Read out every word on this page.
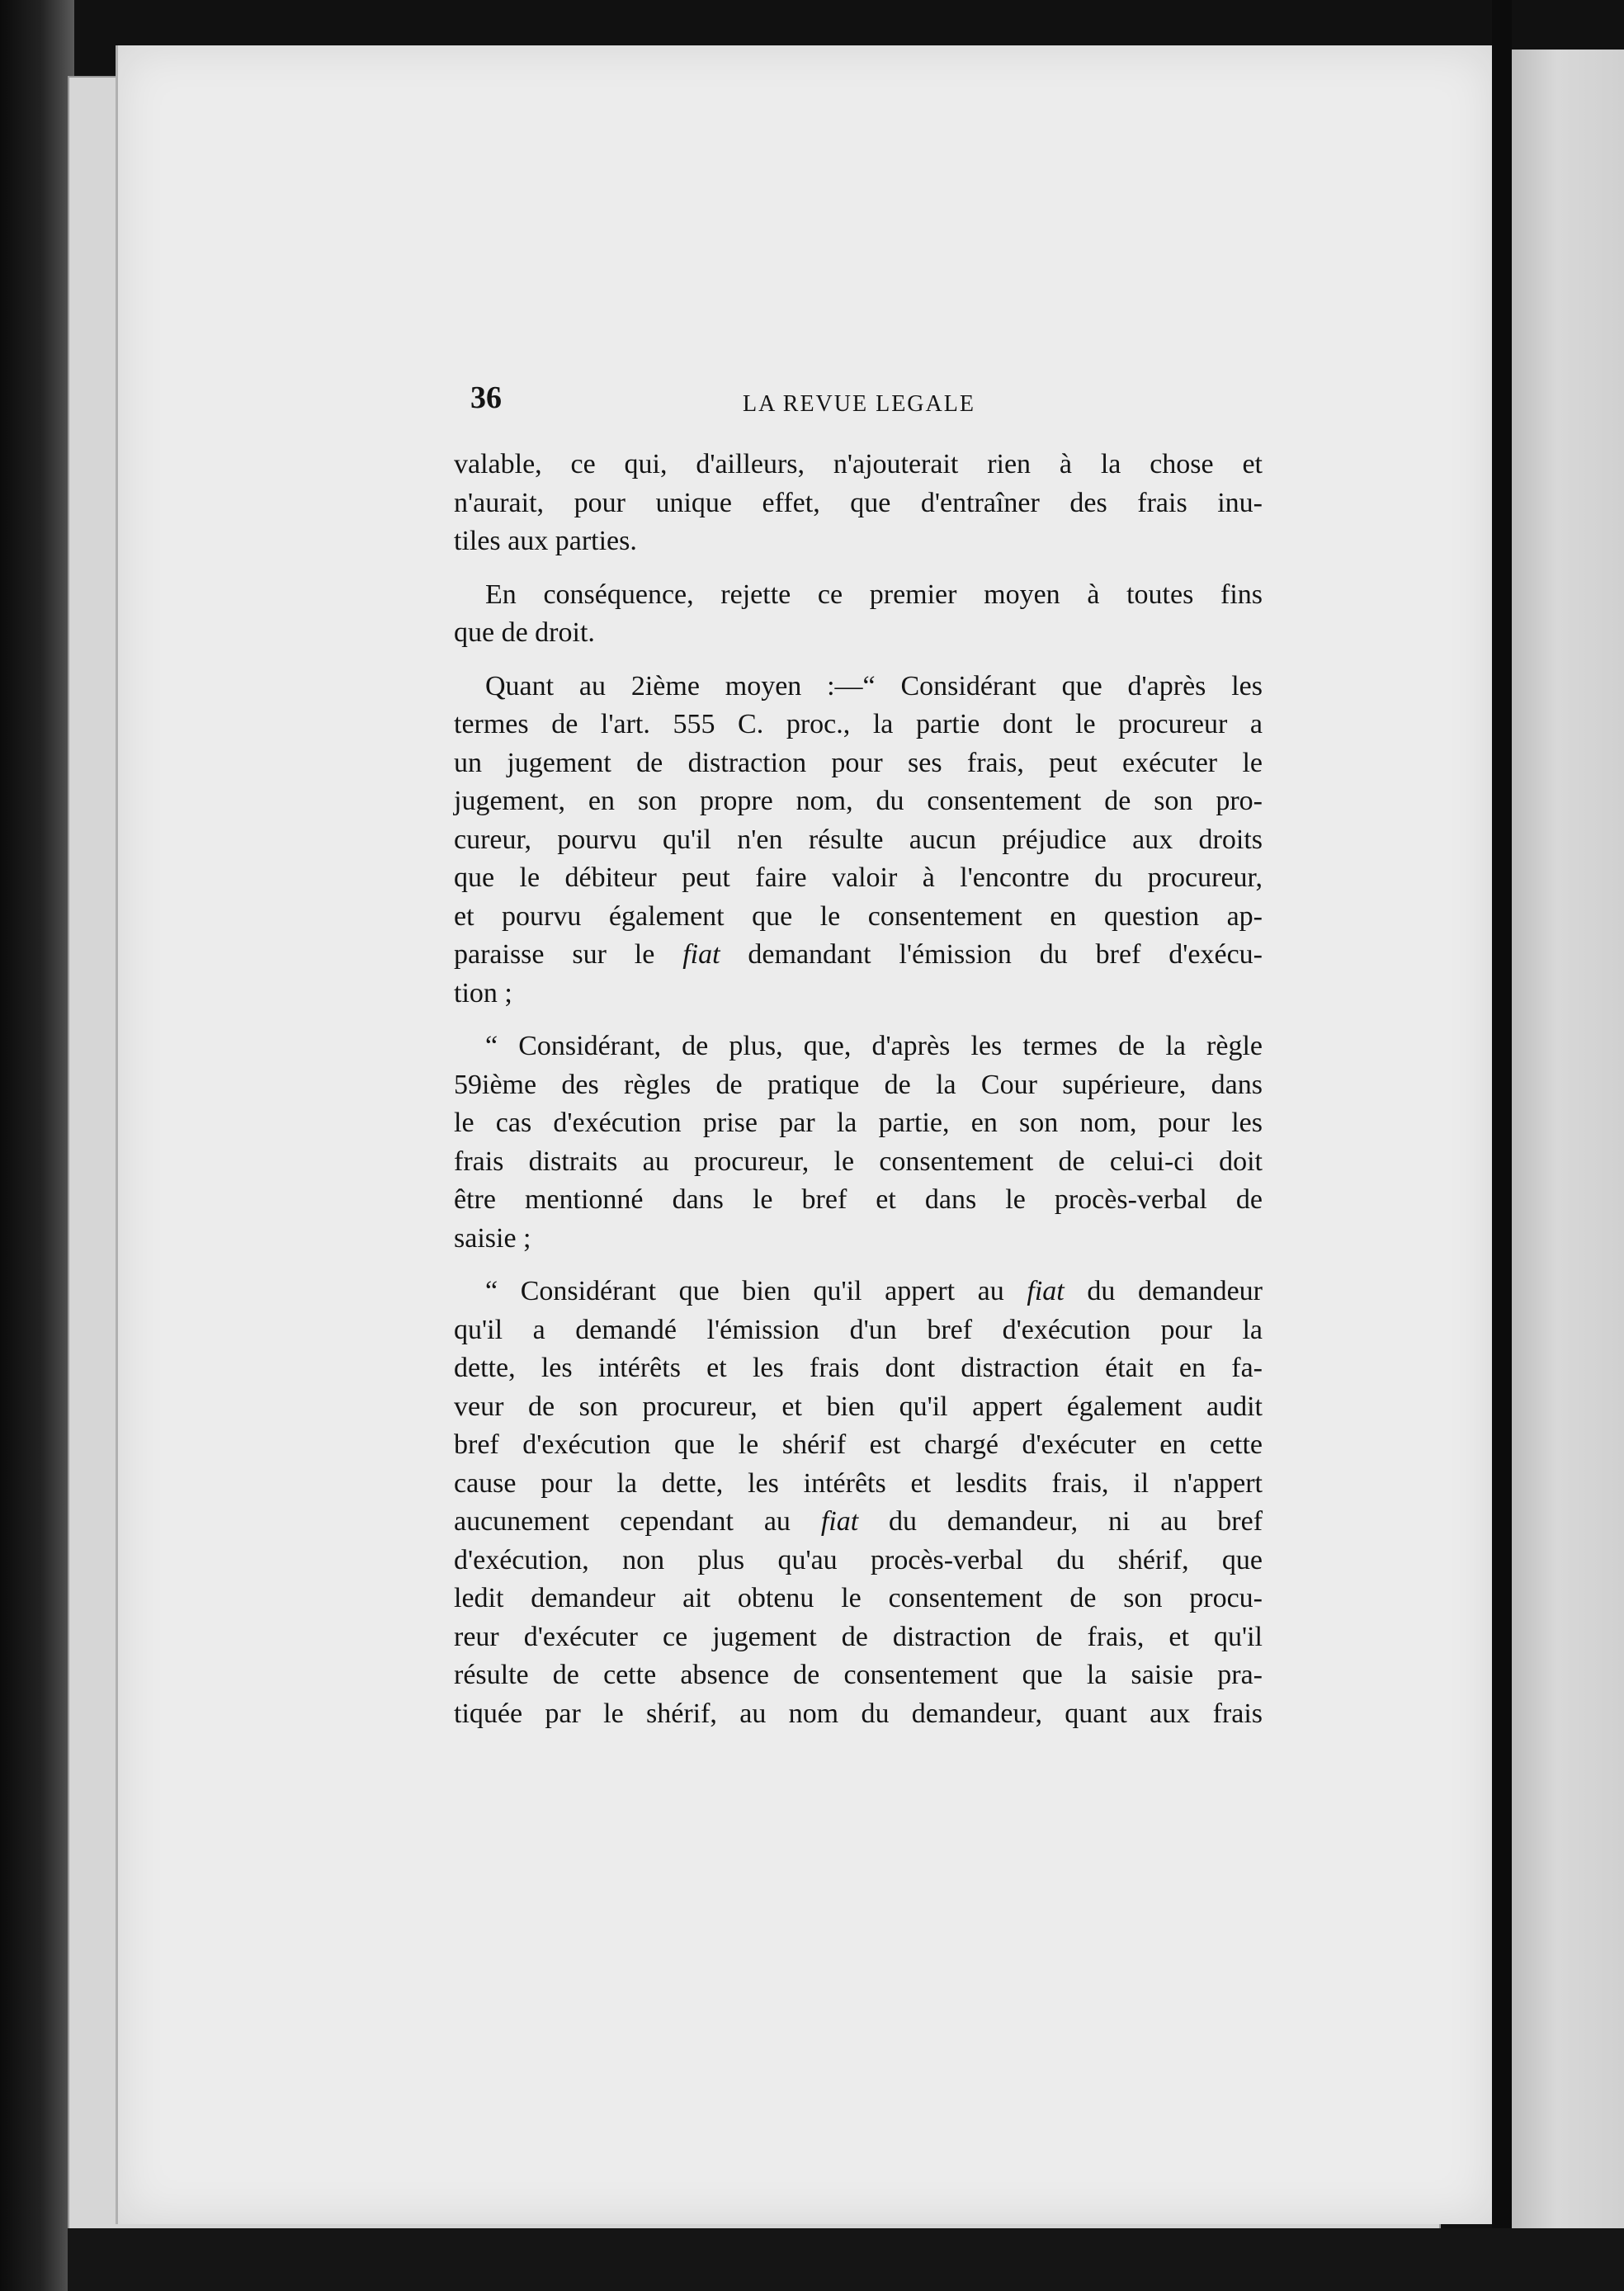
36	LA REVUE LEGALE
valable, ce qui, d'ailleurs, n'ajouterait rien à la chose et
n'aurait, pour unique effet, que d'entraîner des frais inu-
tiles aux parties.
En conséquence, rejette ce premier moyen à toutes fins
que de droit.
Quant au 2ième moyen :—“ Considérant que d'après les
termes de l'art. 555 C. proc., la partie dont le procureur a
un jugement de distraction pour ses frais, peut exécuter le
jugement, en son propre nom, du consentement de son pro-
cureur, pourvu qu'il n'en résulte aucun préjudice aux droits
que le débiteur peut faire valoir à l'encontre du procureur,
et pourvu également que le consentement en question ap-
paraisse sur le fiat demandant l'émission du bref d'exécu-
tion ;
“ Considérant, de plus, que, d'après les termes de la règle
59ième des règles de pratique de la Cour supérieure, dans
le cas d'exécution prise par la partie, en son nom, pour les
frais distraits au procureur, le consentement de celui-ci doit
être mentionné dans le bref et dans le procès-verbal de
saisie ;
“ Considérant que bien qu'il appert au fiat du demandeur
qu'il a demandé l'émission d'un bref d'exécution pour la
dette, les intérêts et les frais dont distraction était en fa-
veur de son procureur, et bien qu'il appert également audit
bref d'exécution que le shérif est chargé d'exécuter en cette
cause pour la dette, les intérêts et lesdits frais, il n'appert
aucunement cependant au fiat du demandeur, ni au bref
d'exécution, non plus qu'au procès-verbal du shérif, que
ledit demandeur ait obtenu le consentement de son procu-
reur d'exécuter ce jugement de distraction de frais, et qu'il
résulte de cette absence de consentement que la saisie pra-
tiquée par le shérif, au nom du demandeur, quant aux frais
